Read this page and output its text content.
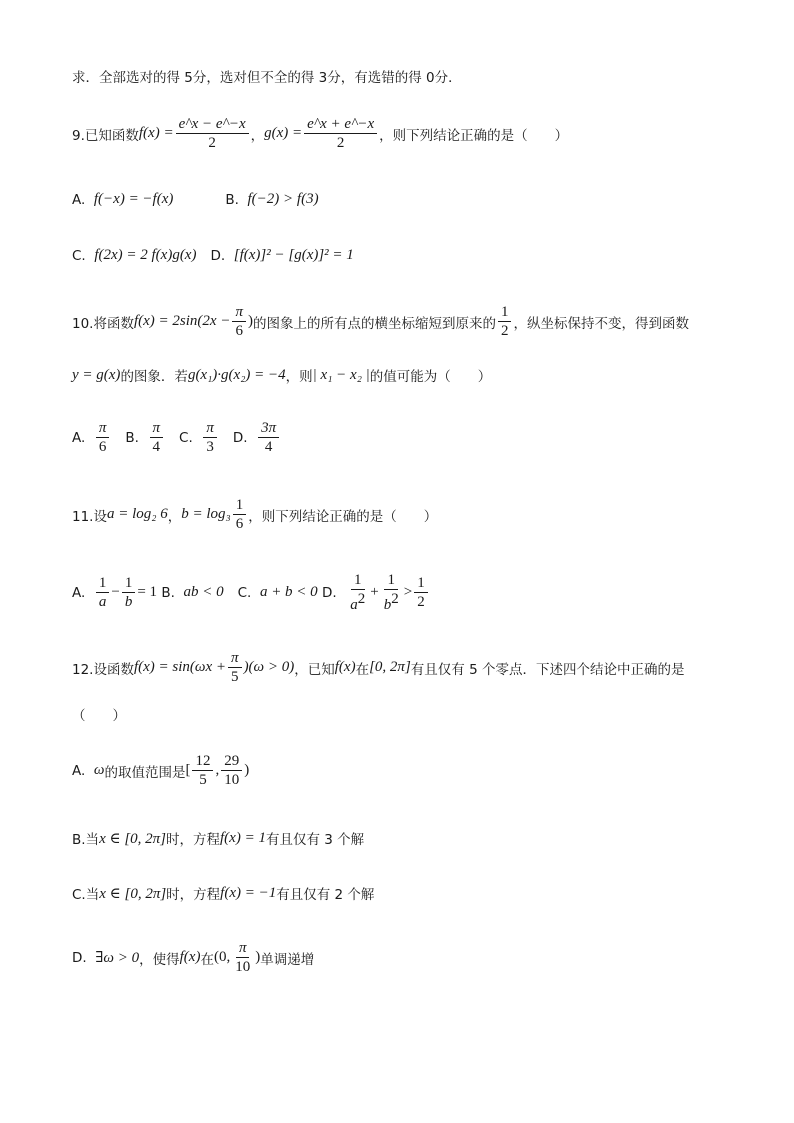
求．全部选对的得 5分，选对但不全的得 3分，有选错的得 0分．
9.已知函数 $f(x) = \frac{e\^{}x - e\^{}-x}{2}$ ， $g(x) = \frac{e\^{}x + e\^{}-x}{2}$ ，则下列结论正确的是（　　）
A. f(−x) = −f(x)	B. f(−2) > f(3)
C. f(2x) = 2 f(x)g(x) D. [f(x)]² − [g(x)]² = 1
10.将函数 $f(x) = 2\sin(2x - \frac{\pi}{6}$ ) 的图象上的所有点的横坐标缩短到原来的 $\frac{1}{2}$ ，纵坐标保持不变，得到函数
y = g(x) 的图象．若 g(x₁)·g(x₂) = −4 ，则 | x₁ − x₂ | 的值可能为（　　）
A. $\frac{\pi}{6} B$. $\frac{\pi}{4} C$. $\frac{\pi}{3} D$. $\frac{3\pi}{4}$
11.设 a = log₂ 6 ， $b = \log_3 \frac{1}{6}$ ，则下列结论正确的是（　　）
A. $\frac{1}{a} - \frac{1}{b} = 1$ B. ab < 0 C. a + b < 0 D. $\frac{1}{a^2} + \frac{1}{b^2} > \frac{1}{2}$
12.设函数 $f(x) = \sin(\omega x + \frac{\pi}{5} )(\omega > 0)$ ，已知 f(x) 在 [0, 2π] 有且仅有 5 个零点．下述四个结论中正确的是
（　　）
A. ω 的取值范围是 [ $\frac{12}{5}$ , $\frac{29}{10}$ )
B.当 x ∈ [0, 2π] 时，方程 f(x) = 1 有且仅有 3 个解
C.当 x ∈ [0, 2π] 时，方程 f(x) = −1 有且仅有 2 个解
D. ∃ω > 0 ，使得 f(x) 在 (0, $\frac{\pi}{10}$ ) 单调递增
